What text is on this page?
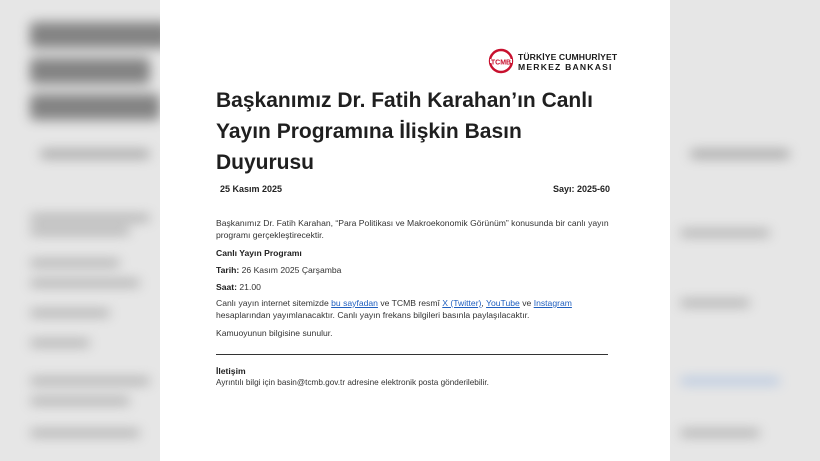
TCMB
TÜRKİYE CUMHURİYET
MERKEZ BANKASI
Başkanımız Dr. Fatih Karahan’ın Canlı Yayın Programına İlişkin Basın Duyurusu
25 Kasım 2025	Sayı: 2025-60
Başkanımız Dr. Fatih Karahan, “Para Politikası ve Makroekonomik Görünüm” konusunda bir canlı yayın programı gerçekleştirecektir.
Canlı Yayın Programı
Tarih: 26 Kasım 2025 Çarşamba
Saat: 21.00
Canlı yayın internet sitemizde bu sayfadan ve TCMB resmî X (Twitter), YouTube ve Instagram hesaplarından yayımlanacaktır. Canlı yayın frekans bilgileri basınla paylaşılacaktır.
Kamuoyunun bilgisine sunulur.
İletişim
Ayrıntılı bilgi için basin@tcmb.gov.tr adresine elektronik posta gönderilebilir.
